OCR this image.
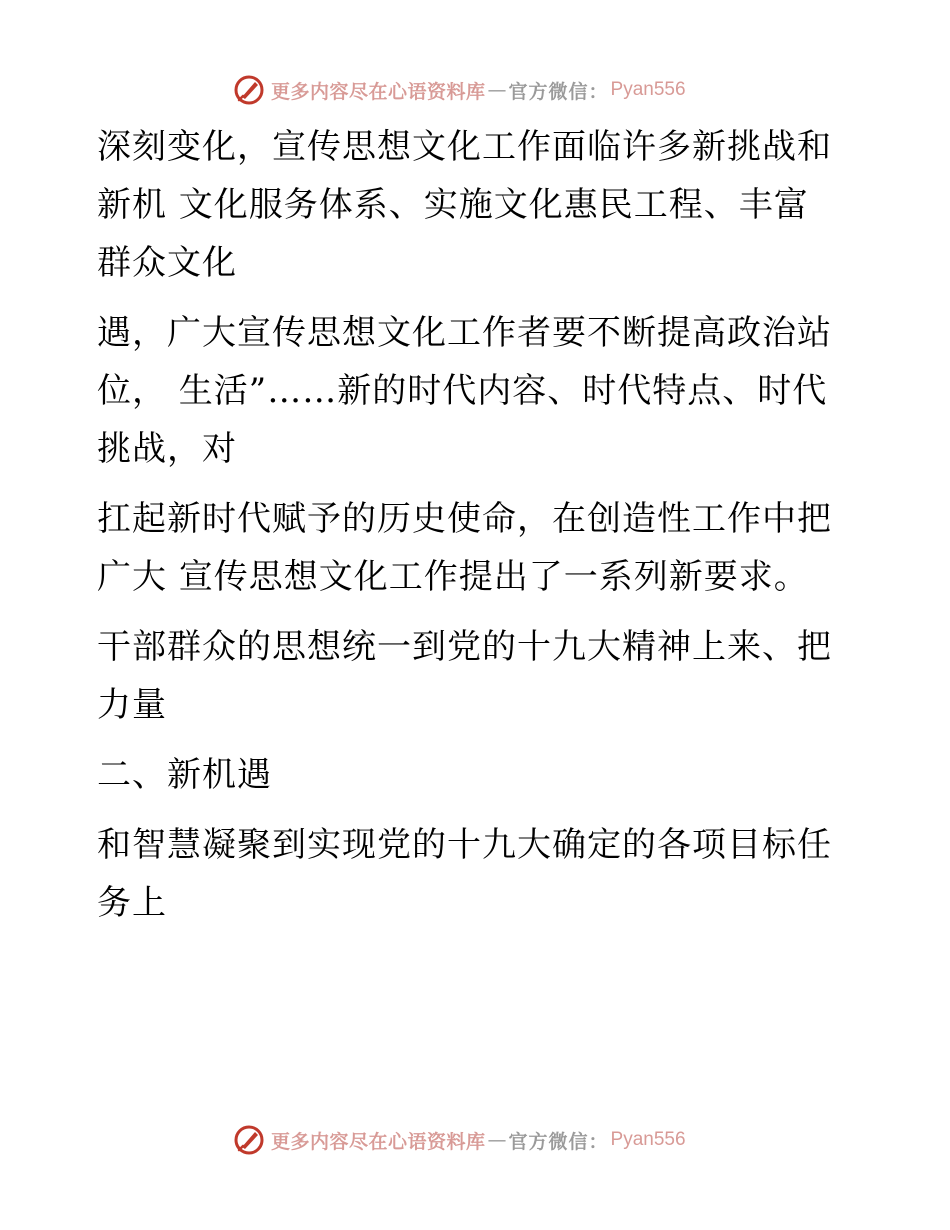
更多内容尽在心语资料库 — 官方微信： Pyan556

深刻变化，宣传思想文化工作面临许多新挑战和新机 文化服务体系、实施文化惠民工程、丰富群众文化

遇，广大宣传思想文化工作者要不断提高政治站位， 生活”……新的时代内容、时代特点、时代挑战，对

扛起新时代赋予的历史使命，在创造性工作中把广大 宣传思想文化工作提出了一系列新要求。

干部群众的思想统一到党的十九大精神上来、把力量

二、新机遇

和智慧凝聚到实现党的十九大确定的各项目标任务上

更多内容尽在心语资料库 — 官方微信： Pyan556
